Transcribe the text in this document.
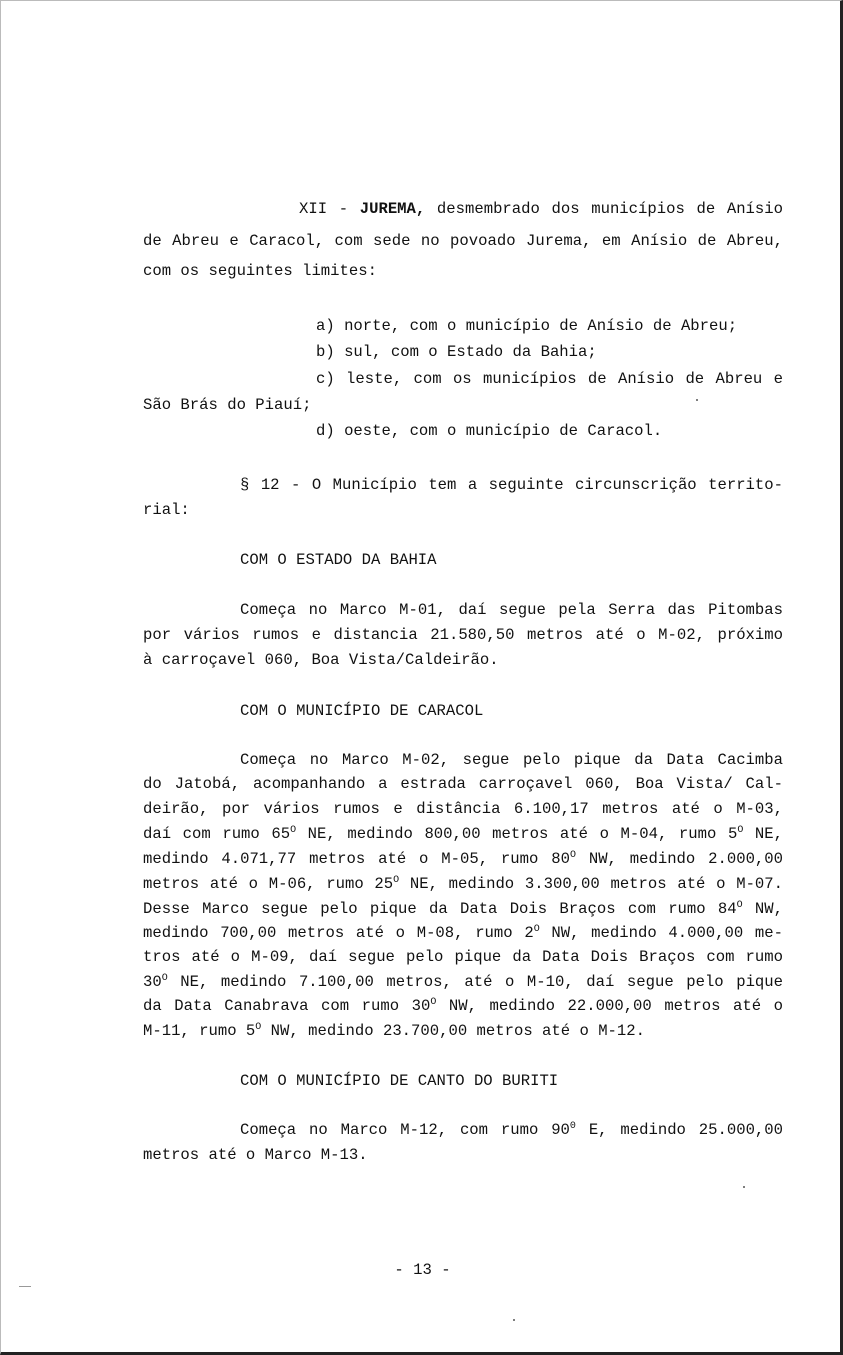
XII - JUREMA, desmembrado dos municípios de Anísio
de Abreu e Caracol, com sede no povoado Jurema, em Anísio de Abreu,
com os seguintes limites:
a) norte, com o município de Anísio de Abreu;
b) sul, com o Estado da Bahia;
c) leste, com os municípios de Anísio de Abreu e
São Brás do Piauí;
d) oeste, com o município de Caracol.
§ 12 - O Município tem a seguinte circunscrição territo-
rial:
COM O ESTADO DA BAHIA
Começa no Marco M-01, daí segue pela Serra das Pitombas
por vários rumos e distancia 21.580,50 metros até o M-02, próximo
à carroçavel 060, Boa Vista/Caldeirão.
COM O MUNICÍPIO DE CARACOL
Começa no Marco M-02, segue pelo pique da Data Cacimba
do Jatobá, acompanhando a estrada carroçavel 060, Boa Vista/ Cal-
deirão, por vários rumos e distância 6.100,17 metros até o M-03,
daí com rumo $65^O$ NE, medindo 800,00 metros até o M-04, rumo $5^O$ NE,
medindo 4.071,77 metros até o M-05, rumo $80^O$ NW, medindo 2.000,00
metros até o M-06, rumo $25^O$ NE, medindo 3.300,00 metros até o M-07.
Desse Marco segue pelo pique da Data Dois Braços com rumo $84^O$ NW,
medindo 700,00 metros até o M-08, rumo $2^O$ NW, medindo 4.000,00 me-
tros até o M-09, daí segue pelo pique da Data Dois Braços com rumo
$30^O$ NE, medindo 7.100,00 metros, até o M-10, daí segue pelo pique
da Data Canabrava com rumo $30^O$ NW, medindo 22.000,00 metros até o
M-11, rumo $5^O$ NW, medindo 23.700,00 metros até o M-12.
COM O MUNICÍPIO DE CANTO DO BURITI
Começa no Marco M-12, com rumo $90^0$ E, medindo 25.000,00
metros até o Marco M-13.
- 13 -
